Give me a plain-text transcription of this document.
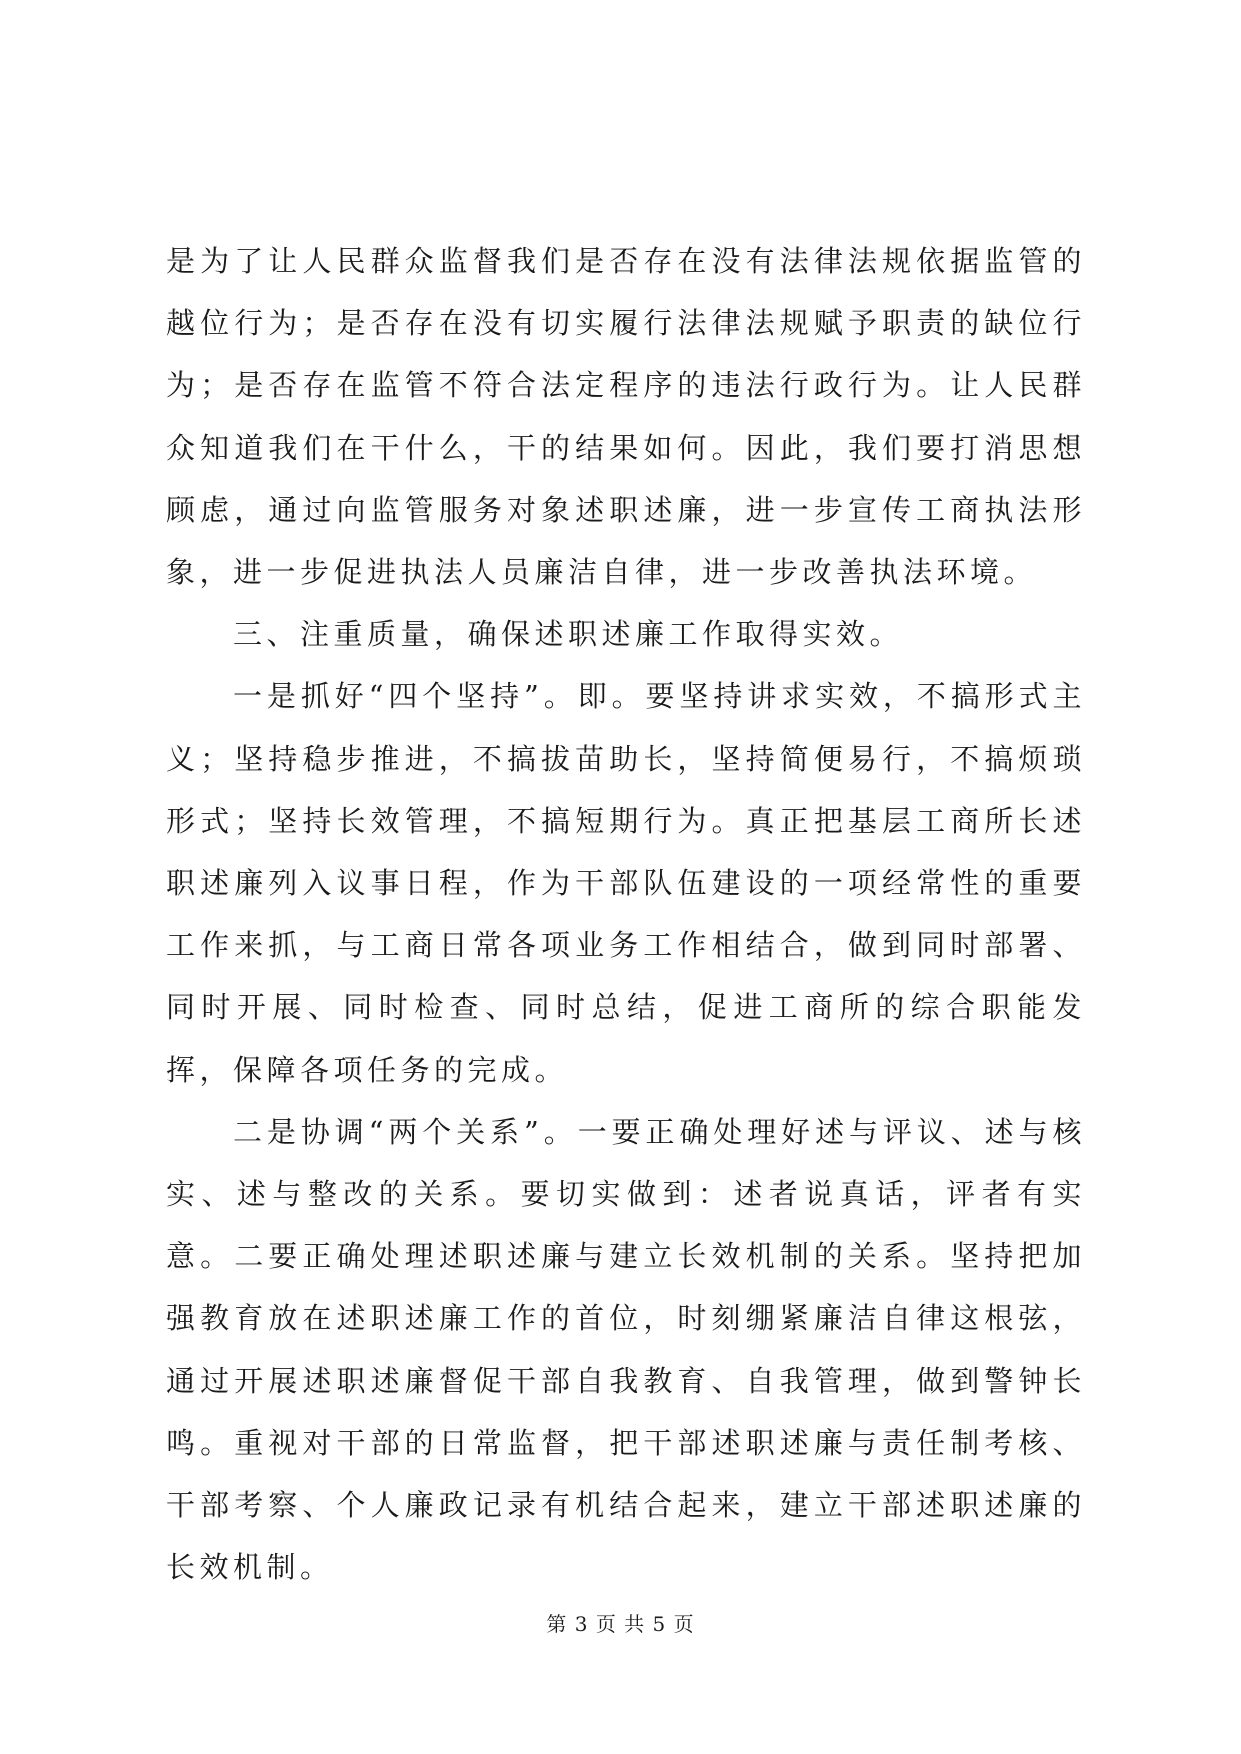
是为了让人民群众监督我们是否存在没有法律法规依据监管的越位行为；是否存在没有切实履行法律法规赋予职责的缺位行为；是否存在监管不符合法定程序的违法行政行为。让人民群众知道我们在干什么，干的结果如何。因此，我们要打消思想顾虑，通过向监管服务对象述职述廉，进一步宣传工商执法形象，进一步促进执法人员廉洁自律，进一步改善执法环境。

三、注重质量，确保述职述廉工作取得实效。

一是抓好“四个坚持”。即。要坚持讲求实效，不搞形式主义；坚持稳步推进，不搞拔苗助长，坚持简便易行，不搞烦琐形式；坚持长效管理，不搞短期行为。真正把基层工商所长述职述廉列入议事日程，作为干部队伍建设的一项经常性的重要工作来抓，与工商日常各项业务工作相结合，做到同时部署、同时开展、同时检查、同时总结，促进工商所的综合职能发挥，保障各项任务的完成。

二是协调“两个关系”。一要正确处理好述与评议、述与核实、述与整改的关系。要切实做到：述者说真话，评者有实意。二要正确处理述职述廉与建立长效机制的关系。坚持把加强教育放在述职述廉工作的首位，时刻绷紧廉洁自律这根弦，通过开展述职述廉督促干部自我教育、自我管理，做到警钟长鸣。重视对干部的日常监督，把干部述职述廉与责任制考核、干部考察、个人廉政记录有机结合起来，建立干部述职述廉的长效机制。

第 3 页 共 5 页
